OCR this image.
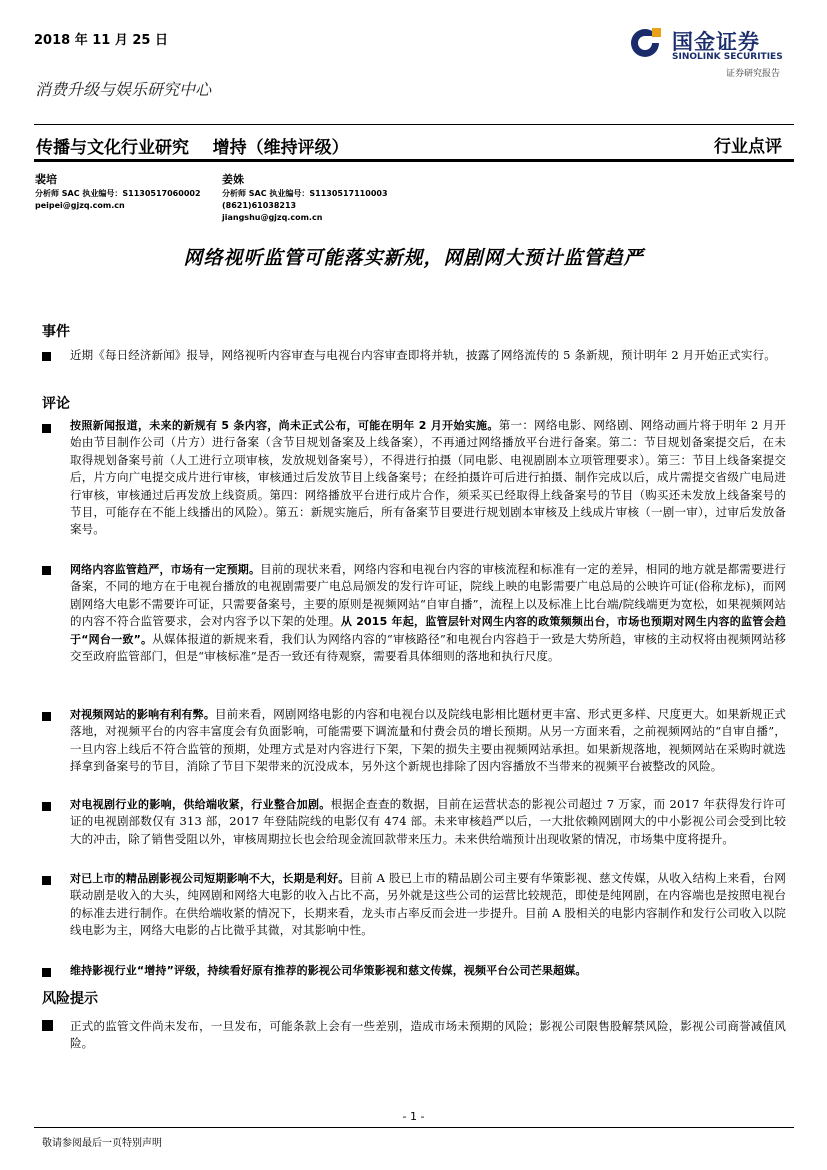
2018 年 11 月 25 日	国金证券
SINOLINK SECURITIES
证券研究报告
消费升级与娱乐研究中心
传播与文化行业研究    增持（维持评级）	行业点评
裴培
分析师 SAC 执业编号：S1130517060002
peipei@gjzq.com.cn
姜姝
分析师 SAC 执业编号：S1130517110003
(8621)61038213
jiangshu@gjzq.com.cn
网络视听监管可能落实新规，网剧网大预计监管趋严
事件
近期《每日经济新闻》报导，网络视听内容审查与电视台内容审查即将并轨，披露了网络流传的 5 条新规，预计明年 2 月开始正式实行。
评论
按照新闻报道，未来的新规有 5 条内容，尚未正式公布，可能在明年 2 月开始实施。第一：网络电影、网络剧、网络动画片将于明年 2 月开始由节目制作公司（片方）进行备案（含节目规划备案及上线备案），不再通过网络播放平台进行备案。第二：节目规划备案提交后，在未取得规划备案号前（人工进行立项审核，发放规划备案号），不得进行拍摄（同电影、电视剧剧本立项管理要求）。第三：节目上线备案提交后，片方向广电提交成片进行审核，审核通过后发放节目上线备案号；在经拍摄许可后进行拍摄、制作完成以后，成片需提交省级广电局进行审核，审核通过后再发放上线资质。第四：网络播放平台进行成片合作，须采买已经取得上线备案号的节目（购买还未发放上线备案号的节目，可能存在不能上线播出的风险）。第五：新规实施后，所有备案节目要进行规划剧本审核及上线成片审核（一剧一审），过审后发放备案号。
网络内容监管趋严，市场有一定预期。目前的现状来看，网络内容和电视台内容的审核流程和标准有一定的差异，相同的地方就是都需要进行备案，不同的地方在于电视台播放的电视剧需要广电总局颁发的发行许可证，院线上映的电影需要广电总局的公映许可证(俗称龙标)，而网剧网络大电影不需要许可证，只需要备案号，主要的原则是视频网站“自审自播”，流程上以及标准上比台端/院线端更为宽松，如果视频网站的内容不符合监管要求，会对内容予以下架的处理。从 2015 年起，监管层针对网生内容的政策频频出台，市场也预期对网生内容的监管会趋于“网台一致”。从媒体报道的新规来看，我们认为网络内容的“审核路径”和电视台内容趋于一致是大势所趋，审核的主动权将由视频网站移交至政府监管部门，但是“审核标准”是否一致还有待观察，需要看具体细则的落地和执行尺度。
对视频网站的影响有利有弊。目前来看，网剧网络电影的内容和电视台以及院线电影相比题材更丰富、形式更多样、尺度更大。如果新规正式落地，对视频平台的内容丰富度会有负面影响，可能需要下调流量和付费会员的增长预期。从另一方面来看，之前视频网站的“自审自播”，一旦内容上线后不符合监管的预期，处理方式是对内容进行下架，下架的损失主要由视频网站承担。如果新规落地，视频网站在采购时就选择拿到备案号的节目，消除了节目下架带来的沉没成本，另外这个新规也排除了因内容播放不当带来的视频平台被整改的风险。
对电视剧行业的影响，供给端收紧，行业整合加剧。根据企查查的数据，目前在运营状态的影视公司超过 7 万家，而 2017 年获得发行许可证的电视剧部数仅有 313 部，2017 年登陆院线的电影仅有 474 部。未来审核趋严以后，一大批依赖网剧网大的中小影视公司会受到比较大的冲击，除了销售受阻以外，审核周期拉长也会给现金流回款带来压力。未来供给端预计出现收紧的情况，市场集中度将提升。
对已上市的精品剧影视公司短期影响不大，长期是利好。目前 A 股已上市的精品剧公司主要有华策影视、慈文传媒，从收入结构上来看，台网联动剧是收入的大头，纯网剧和网络大电影的收入占比不高，另外就是这些公司的运营比较规范，即使是纯网剧，在内容端也是按照电视台的标准去进行制作。在供给端收紧的情况下，长期来看，龙头市占率反而会进一步提升。目前 A 股相关的电影内容制作和发行公司收入以院线电影为主，网络大电影的占比微乎其微，对其影响中性。
维持影视行业“增持”评级，持续看好原有推荐的影视公司华策影视和慈文传媒，视频平台公司芒果超媒。
风险提示
正式的监管文件尚未发布，一旦发布，可能条款上会有一些差别，造成市场未预期的风险；影视公司限售股解禁风险，影视公司商誉减值风险。
- 1 -
敬请参阅最后一页特别声明
